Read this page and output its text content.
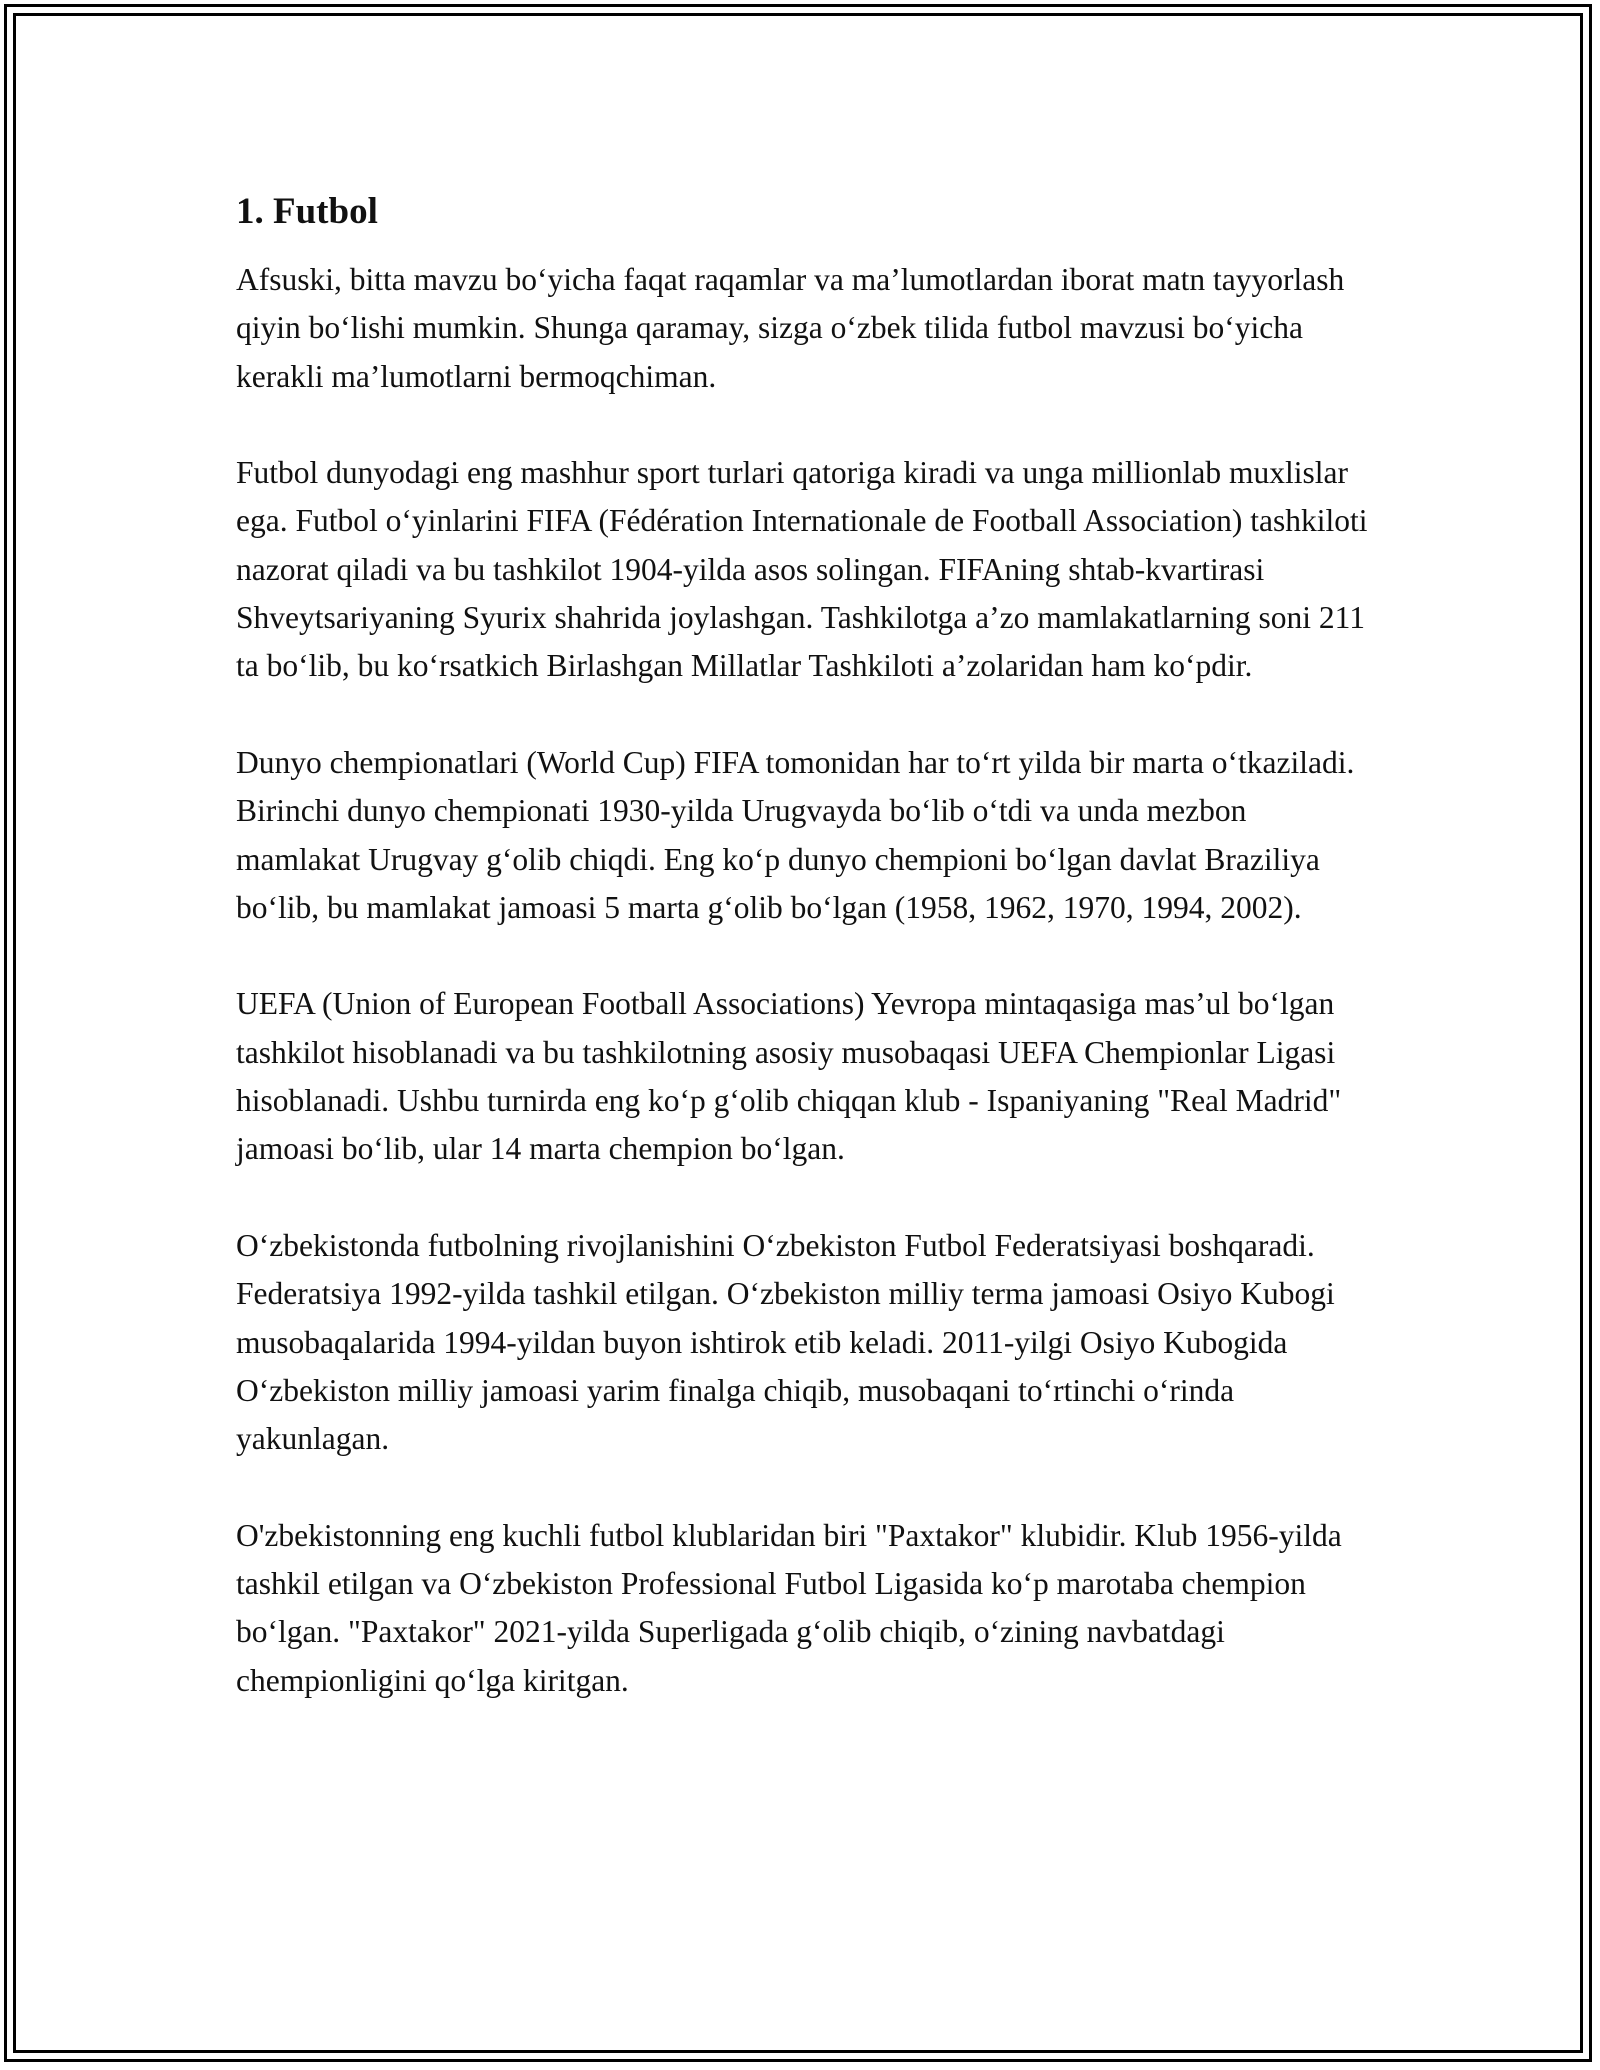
1. Futbol

Afsuski, bitta mavzu boʻyicha faqat raqamlar va ma’lumotlardan iborat matn tayyorlash qiyin boʻlishi mumkin. Shunga qaramay, sizga oʻzbek tilida futbol mavzusi boʻyicha kerakli ma’lumotlarni bermoqchiman.

Futbol dunyodagi eng mashhur sport turlari qatoriga kiradi va unga millionlab muxlislar ega. Futbol oʻyinlarini FIFA (Fédération Internationale de Football Association) tashkiloti nazorat qiladi va bu tashkilot 1904-yilda asos solingan. FIFAning shtab-kvartirasi Shveytsariyaning Syurix shahrida joylashgan. Tashkilotga a’zo mamlakatlarning soni 211 ta boʻlib, bu koʻrsatkich Birlashgan Millatlar Tashkiloti a’zolaridan ham koʻpdir.

Dunyo chempionatlari (World Cup) FIFA tomonidan har toʻrt yilda bir marta oʻtkaziladi. Birinchi dunyo chempionati 1930-yilda Urugvayda boʻlib oʻtdi va unda mezbon mamlakat Urugvay gʻolib chiqdi. Eng koʻp dunyo chempioni boʻlgan davlat Braziliya boʻlib, bu mamlakat jamoasi 5 marta gʻolib boʻlgan (1958, 1962, 1970, 1994, 2002).

UEFA (Union of European Football Associations) Yevropa mintaqasiga mas’ul boʻlgan tashkilot hisoblanadi va bu tashkilotning asosiy musobaqasi UEFA Chempionlar Ligasi hisoblanadi. Ushbu turnirda eng koʻp gʻolib chiqqan klub - Ispaniyaning "Real Madrid" jamoasi boʻlib, ular 14 marta chempion boʻlgan.

Oʻzbekistonda futbolning rivojlanishini Oʻzbekiston Futbol Federatsiyasi boshqaradi. Federatsiya 1992-yilda tashkil etilgan. Oʻzbekiston milliy terma jamoasi Osiyo Kubogi musobaqalarida 1994-yildan buyon ishtirok etib keladi. 2011-yilgi Osiyo Kubogida Oʻzbekiston milliy jamoasi yarim finalga chiqib, musobaqani toʻrtinchi oʻrinda yakunlagan.

O'zbekistonning eng kuchli futbol klublaridan biri "Paxtakor" klubidir. Klub 1956-yilda tashkil etilgan va Oʻzbekiston Professional Futbol Ligasida koʻp marotaba chempion boʻlgan. "Paxtakor" 2021-yilda Superligada gʻolib chiqib, oʻzining navbatdagi chempionligini qoʻlga kiritgan.
